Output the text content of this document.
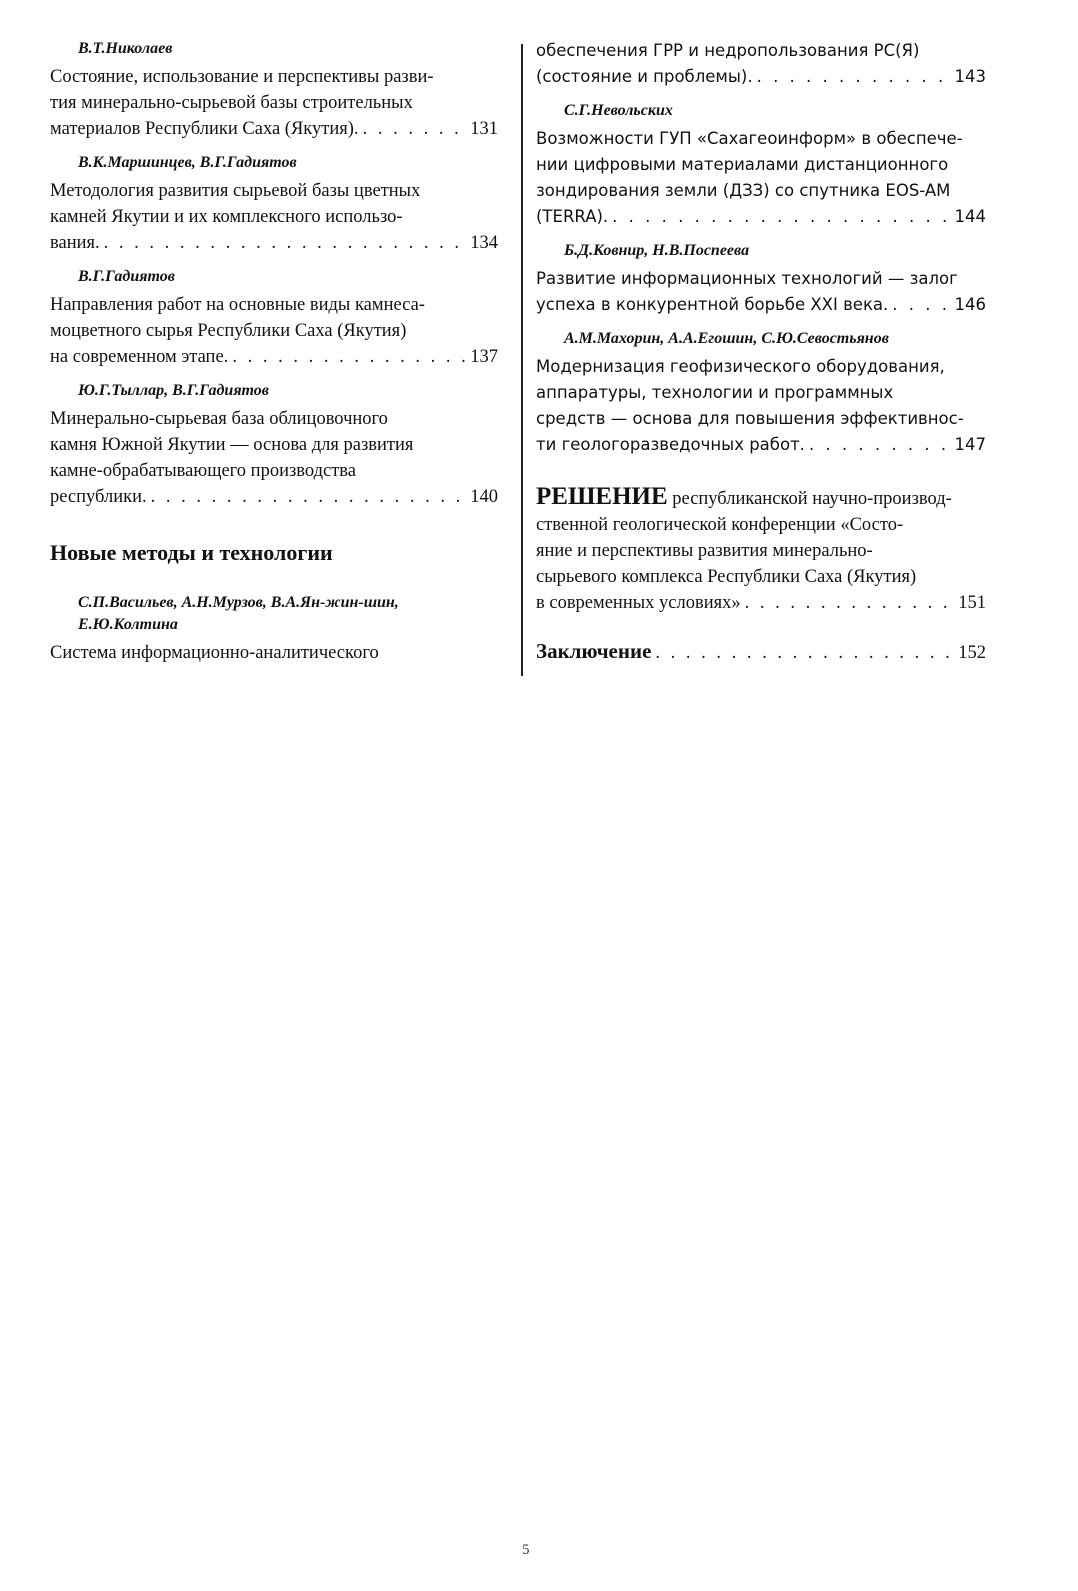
В.Т.Николаев
Состояние, использование и перспективы разви-
тия минерально-сырьевой базы строительных
материалов Республики Саха (Якутия). . . .	131
В.К.Маршинцев, В.Г.Гадиятов
Методология развития сырьевой базы цветных
камней Якутии и их комплексного использо-
вания. . . .	134
В.Г.Гадиятов
Направления работ на основные виды камнеса-
моцветного сырья Республики Саха (Якутия)
на современном этапе. . . .	137
Ю.Г.Тыллар, В.Г.Гадиятов
Минерально-сырьевая база облицовочного
камня Южной Якутии — основа для развития
камне-обрабатывающего производства
республики. . . .	140
Новые методы и технологии
С.П.Васильев, А.Н.Мурзов, В.А.Ян-жин-шин,
Е.Ю.Колтина
Система информационно-аналитического
обеспечения ГРР и недропользования РС(Я)
(состояние и проблемы). . . .	143
С.Г.Невольских
Возможности ГУП «Сахагеоинформ» в обеспече-
нии цифровыми материалами дистанционного
зондирования земли (ДЗЗ) со спутника EOS-AM
(TERRA). . . .	144
Б.Д.Ковнир, Н.В.Поспеева
Развитие информационных технологий — залог
успеха в конкурентной борьбе XXI века. . . .	146
А.М.Махорин, А.А.Егошин, С.Ю.Севостьянов
Модернизация геофизического оборудования,
аппаратуры, технологии и программных
средств — основа для повышения эффективнос-
ти геологоразведочных работ. . . .	147
РЕШЕНИЕ республиканской научно-производ-
ственной геологической конференции «Состо-
яние и перспективы развития минерально-
сырьевого комплекса Республики Саха (Якутия)
в современных условиях» . . .	151
Заключение . . .	152
5
